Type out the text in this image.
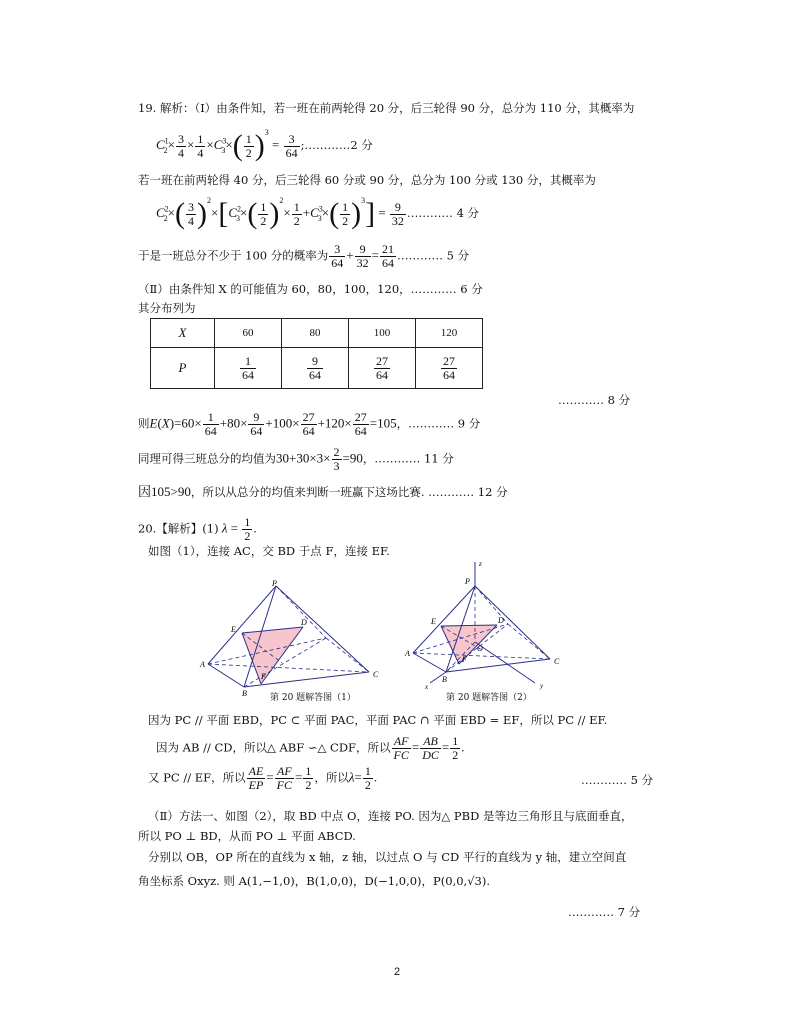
19. 解析：（Ⅰ）由条件知，若一班在前两轮得 20 分，后三轮得 90 分，总分为 110 分，其概率为
$C^1_2\times \frac{3}{4} \times \frac{1}{4} \times C^3_3\times( \frac{1}{2} )^3 = \frac{3}{64}$ ;…………2 分
若一班在前两轮得 40 分，后三轮得 60 分或 90 分，总分为 100 分或 130 分，其概率为
$C^2_2\times( \frac{3}{4} )^2\times[C^2_3\times( \frac{1}{2} )^2\times \frac{1}{2} +C^3_3\times( \frac{1}{2} )^3] = \frac{9}{32}$ ………… 4 分
于是一班总分不少于 100 分的概率为 $\frac{3}{64} + \frac{9}{32} = \frac{21}{64}$ ………… 5 分
（Ⅱ）由条件知 X 的可能值为 60，80，100，120，………… 6 分
其分布列为
X	60	80	100	120
P	$\frac{1}{64}$	$\frac{9}{64}$	$\frac{27}{64}$	$\frac{27}{64}$
………… 8 分
则$E(X)=60\times \frac{1}{64} +80\times \frac{9}{64} +100\times \frac{27}{64} +120\times \frac{27}{64} =105$，………… 9 分
同理可得三班总分的均值为$30+30\times 3\times \frac{2}{3} =90$，………… 11 分
因105>90，所以从总分的均值来判断一班赢下这场比赛. ………… 12 分
20.【解析】(1) $\lambda = \frac{1}{2}$ .
如图（1），连接 AC，交 BD 于点 F，连接 EF.
P
E
D
A
C
B
F
第 20 题解答图（1）
z
P
E	D
A
C
B
F
O
x	y
第 20 题解答图（2）
因为 PC // 平面 EBD，PC ⊂ 平面 PAC，平面 PAC ∩ 平面 EBD = EF，所以 PC // EF.
因为 AB // CD，所以△ ABF ∽△ CDF，所以 $\frac{AF}{FC} = \frac{AB}{DC} = \frac{1}{2}$ .
又 PC // EF，所以 $\frac{AE}{EP} = \frac{AF}{FC} = \frac{1}{2}$ ，所以$\lambda= \frac{1}{2}$ .	………… 5 分
（Ⅱ）方法一、如图（2），取 BD 中点 O，连接 PO. 因为△ PBD 是等边三角形且与底面垂直，
所以 PO ⊥ BD，从而 PO ⊥ 平面 ABCD.
分别以 OB，OP 所在的直线为 x 轴，z 轴，以过点 O 与 CD 平行的直线为 y 轴，建立空间直
角坐标系 Oxyz. 则 A(1,−1,0)，B(1,0,0)，D(−1,0,0)，P(0,0,√3).
………… 7 分
2
